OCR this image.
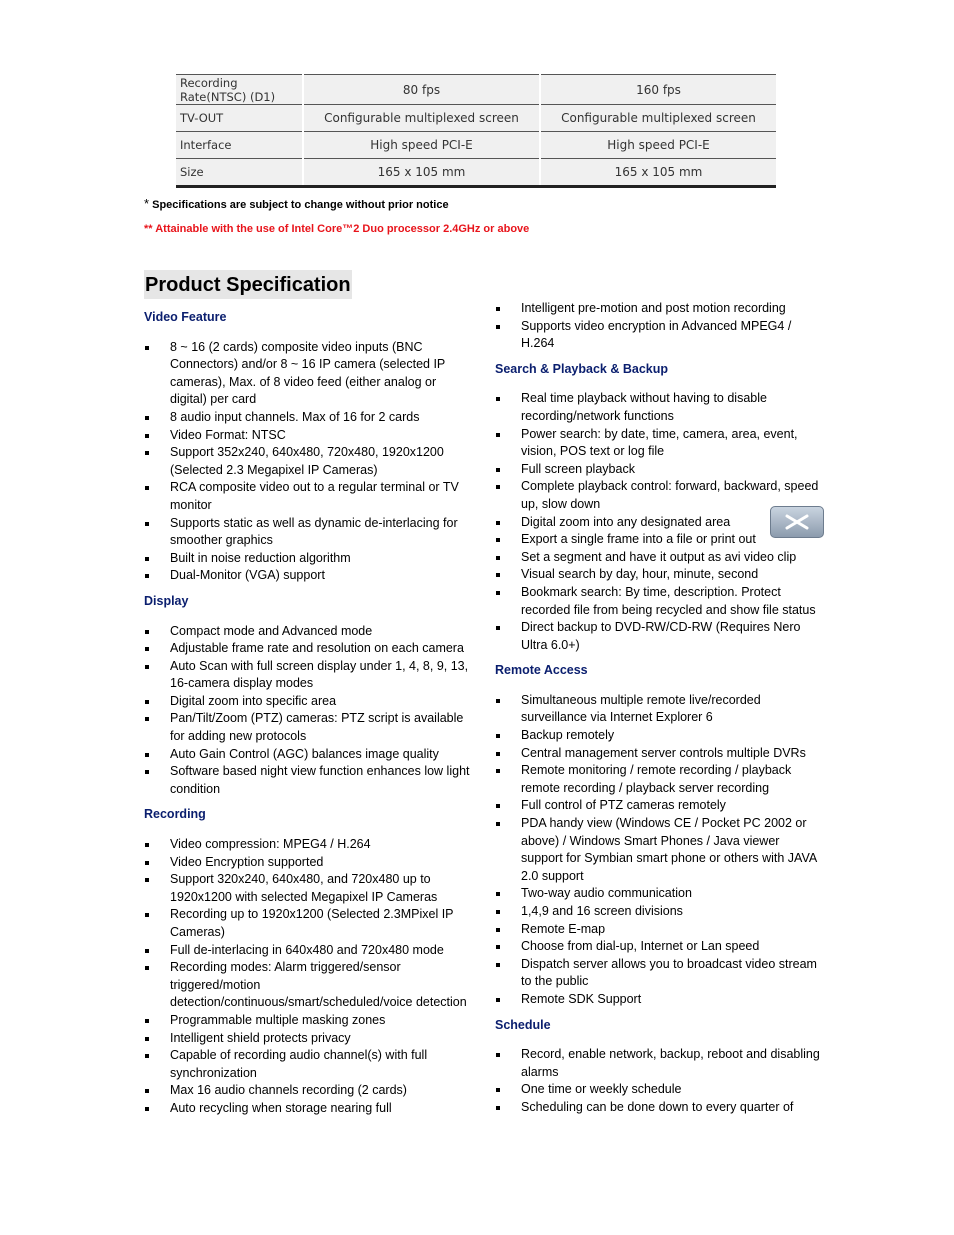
Recording Rate(NTSC) (D1)	80 fps	160 fps
TV-OUT	Configurable multiplexed screen	Configurable multiplexed screen
Interface	High speed PCI-E	High speed PCI-E
Size	165 x 105 mm	165 x 105 mm
* Specifications are subject to change without prior notice
** Attainable with the use of Intel Core™2 Duo processor 2.4GHz or above
Product Specification

Video Feature

8 ~ 16 (2 cards) composite video inputs (BNC Connectors) and/or 8 ~ 16 IP camera (selected IP cameras), Max. of 8 video feed (either analog or digital) per card
8 audio input channels. Max of 16 for 2 cards
Video Format: NTSC
Support 352x240, 640x480, 720x480, 1920x1200 (Selected 2.3 Megapixel IP Cameras)
RCA composite video out to a regular terminal or TV monitor
Supports static as well as dynamic de-interlacing for smoother graphics
Built in noise reduction algorithm
Dual-Monitor (VGA) support

Display

Compact mode and Advanced mode
Adjustable frame rate and resolution on each camera
Auto Scan with full screen display under 1, 4, 8, 9, 13, 16-camera display modes
Digital zoom into specific area
Pan/Tilt/Zoom (PTZ) cameras: PTZ script is available for adding new protocols
Auto Gain Control (AGC) balances image quality
Software based night view function enhances low light condition

Recording

Video compression: MPEG4 / H.264
Video Encryption supported
Support 320x240, 640x480, and 720x480 up to 1920x1200 with selected Megapixel IP Cameras
Recording up to 1920x1200 (Selected 2.3MPixel IP Cameras)
Full de-interlacing in 640x480 and 720x480 mode
Recording modes: Alarm triggered/sensor triggered/motion detection/continuous/smart/scheduled/voice detection
Programmable multiple masking zones
Intelligent shield protects privacy
Capable of recording audio channel(s) with full synchronization
Max 16 audio channels recording (2 cards)
Auto recycling when storage nearing full
Intelligent pre-motion and post motion recording
Supports video encryption in Advanced MPEG4 / H.264

Search & Playback & Backup

Real time playback without having to disable recording/network functions
Power search: by date, time, camera, area, event, vision, POS text or log file
Full screen playback
Complete playback control: forward, backward, speed up, slow down
Digital zoom into any designated area
Export a single frame into a file or print out
Set a segment and have it output as avi video clip
Visual search by day, hour, minute, second
Bookmark search: By time, description. Protect recorded file from being recycled and show file status
Direct backup to DVD-RW/CD-RW (Requires Nero Ultra 6.0+)

Remote Access

Simultaneous multiple remote live/recorded surveillance via Internet Explorer 6
Backup remotely
Central management server controls multiple DVRs
Remote monitoring / remote recording / playback remote recording / playback server recording
Full control of PTZ cameras remotely
PDA handy view (Windows CE / Pocket PC 2002 or above) / Windows Smart Phones / Java viewer support for Symbian smart phone or others with JAVA 2.0 support
Two-way audio communication
1,4,9 and 16 screen divisions
Remote E-map
Choose from dial-up, Internet or Lan speed
Dispatch server allows you to broadcast video stream to the public
Remote SDK Support

Schedule

Record, enable network, backup, reboot and disabling alarms
One time or weekly schedule
Scheduling can be done down to every quarter of
